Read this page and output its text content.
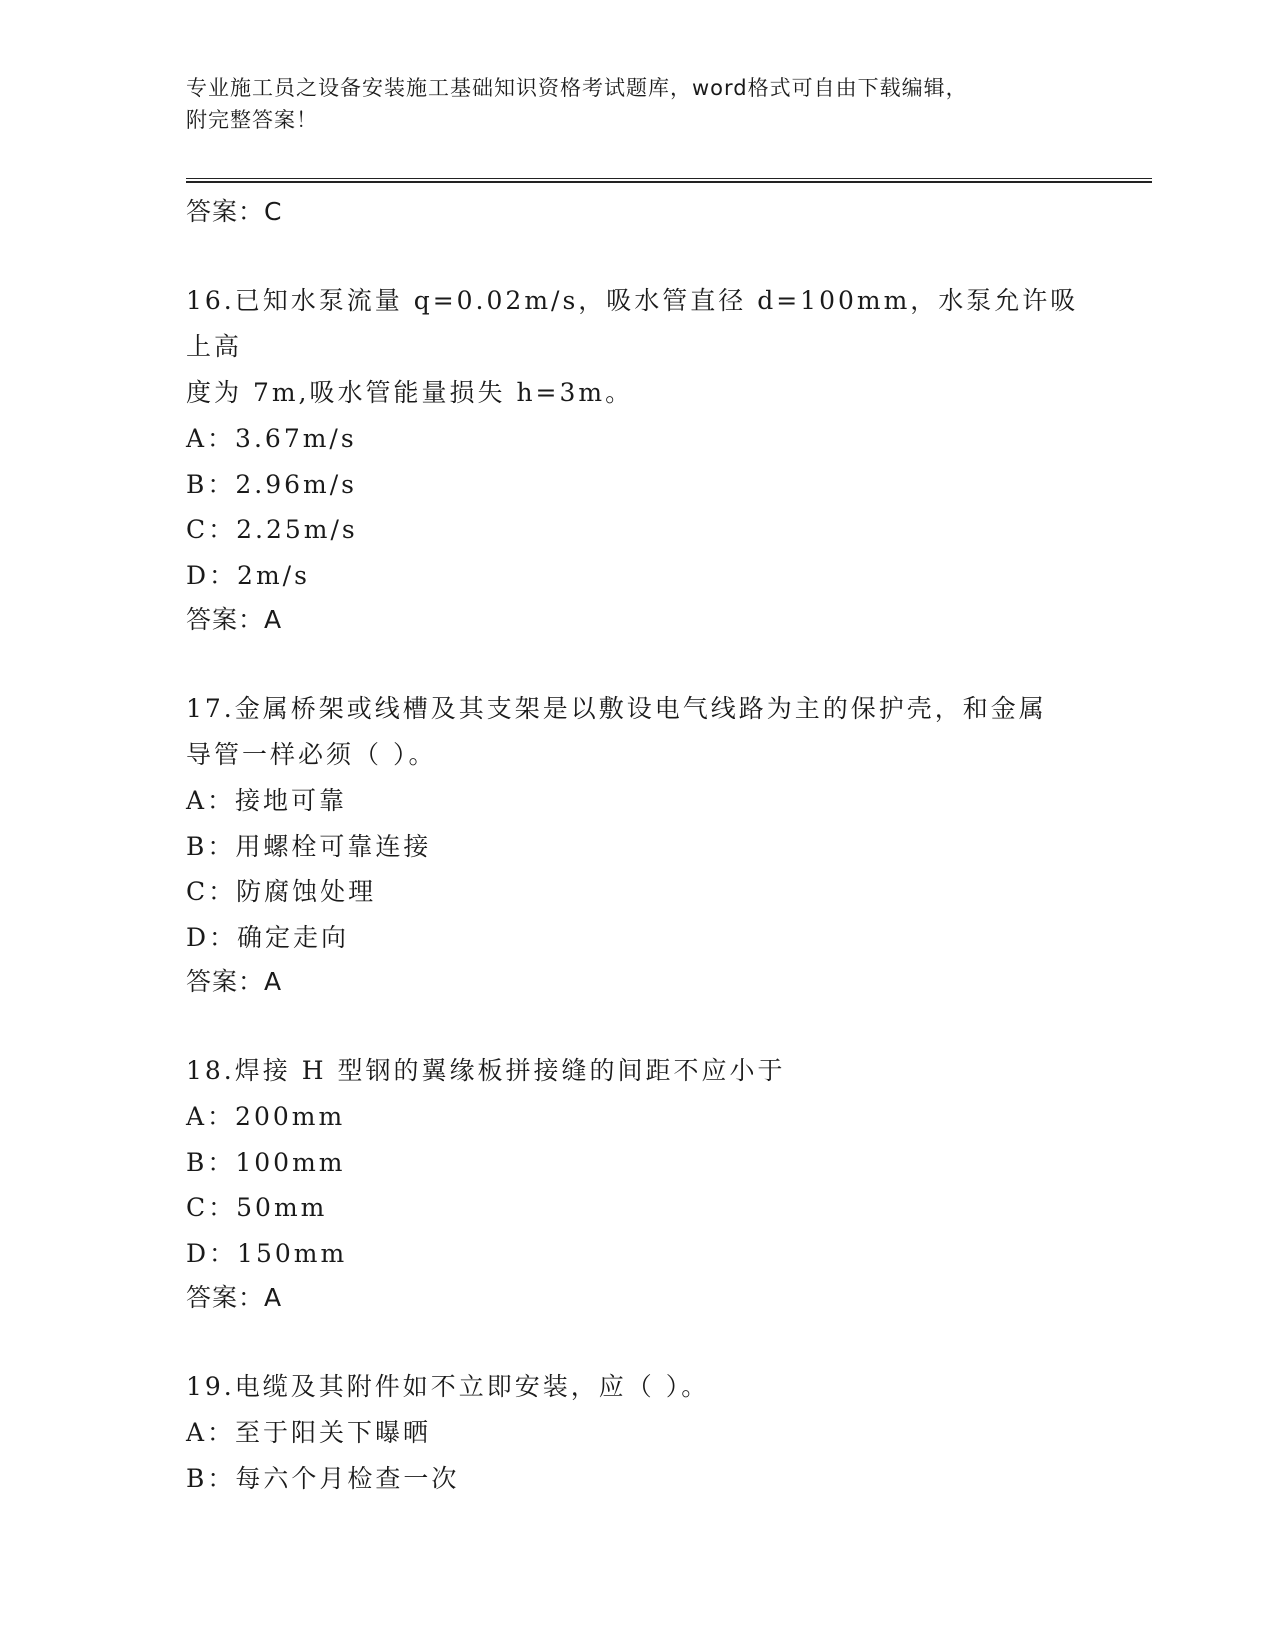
专业施工员之设备安装施工基础知识资格考试题库，word格式可自由下载编辑，

附完整答案！

答案：C

16.已知水泵流量 q=0.02m/s，吸水管直径 d=100mm，水泵允许吸上高

度为 7m,吸水管能量损失 h=3m。

A：3.67m/s

B：2.96m/s

C：2.25m/s

D：2m/s

答案：A

17.金属桥架或线槽及其支架是以敷设电气线路为主的保护壳，和金属

导管一样必须（ ）。

A：接地可靠

B：用螺栓可靠连接

C：防腐蚀处理

D：确定走向

答案：A

18.焊接 H 型钢的翼缘板拼接缝的间距不应小于

A：200mm

B：100mm

C：50mm

D：150mm

答案：A

19.电缆及其附件如不立即安装，应（ ）。

A：至于阳关下曝晒

B：每六个月检查一次
